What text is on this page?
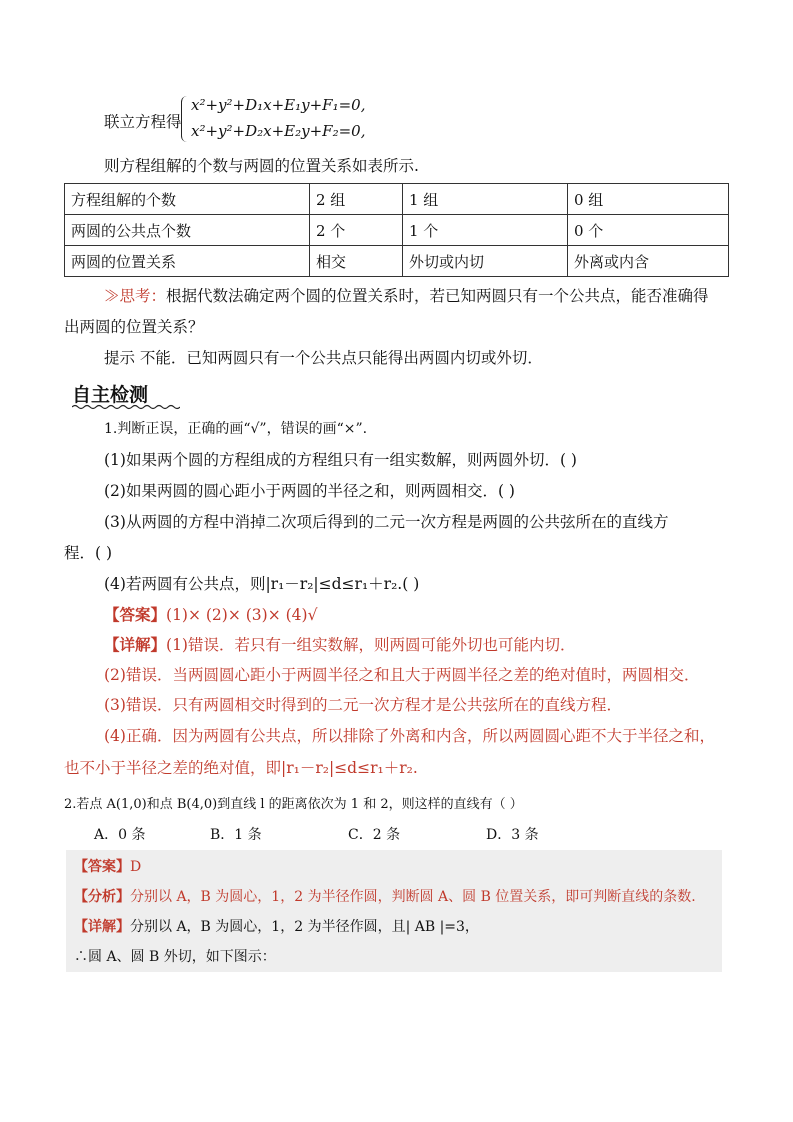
联立方程得
x²+y²+D₁x+E₁y+F₁=0,
x²+y²+D₂x+E₂y+F₂=0,
则方程组解的个数与两圆的位置关系如表所示.
方程组解的个数	2 组	1 组	0 组
两圆的公共点个数	2 个	1 个	0 个
两圆的位置关系	相交	外切或内切	外离或内含
≫思考：根据代数法确定两个圆的位置关系时，若已知两圆只有一个公共点，能否准确得
出两圆的位置关系？
提示 不能．已知两圆只有一个公共点只能得出两圆内切或外切．
自主检测
1.判断正误，正确的画“√”，错误的画“×”.
(1)如果两个圆的方程组成的方程组只有一组实数解，则两圆外切．( )
(2)如果两圆的圆心距小于两圆的半径之和，则两圆相交．( )
(3)从两圆的方程中消掉二次项后得到的二元一次方程是两圆的公共弦所在的直线方
程．( )
(4)若两圆有公共点，则|r₁－r₂|≤d≤r₁＋r₂.( )
【答案】(1)× (2)× (3)× (4)√
【详解】(1)错误．若只有一组实数解，则两圆可能外切也可能内切．
(2)错误．当两圆圆心距小于两圆半径之和且大于两圆半径之差的绝对值时，两圆相交．
(3)错误．只有两圆相交时得到的二元一次方程才是公共弦所在的直线方程．
(4)正确．因为两圆有公共点，所以排除了外离和内含，所以两圆圆心距不大于半径之和，
也不小于半径之差的绝对值，即|r₁－r₂|≤d≤r₁＋r₂.
2.若点 A(1,0)和点 B(4,0)到直线 l 的距离依次为 1 和 2，则这样的直线有（ ）
A．0 条	B．1 条	C．2 条	D．3 条
【答案】D
【分析】分别以 A，B 为圆心，1，2 为半径作圆，判断圆 A、圆 B 位置关系，即可判断直线的条数.
【详解】分别以 A，B 为圆心，1，2 为半径作圆，且| AB |=3，
∴圆 A、圆 B 外切，如下图示：
